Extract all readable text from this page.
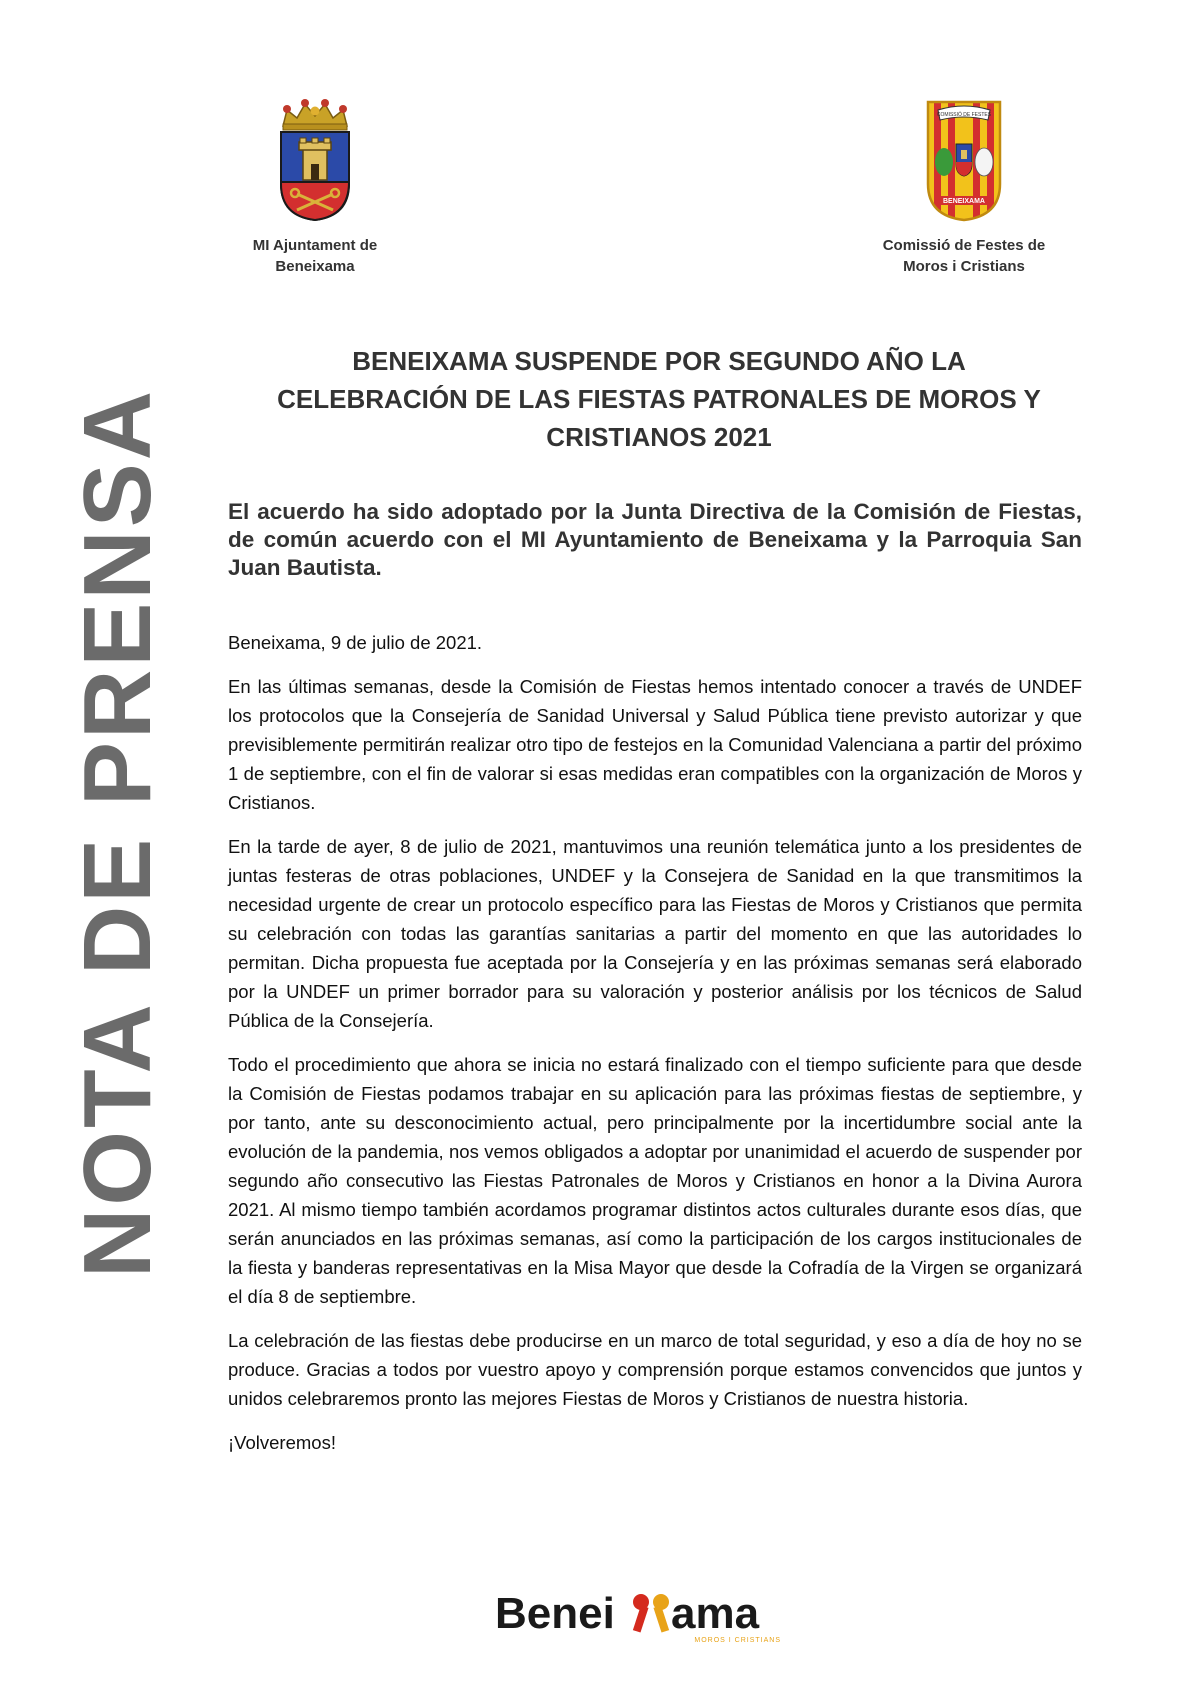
NOTA DE PRENSA
MI Ajuntament de
Beneixama
COMISSIÓ DE FESTES
BENEIXAMA
Comissió de Festes de
Moros i Cristians
BENEIXAMA SUSPENDE POR SEGUNDO AÑO LA
CELEBRACIÓN DE LAS FIESTAS PATRONALES DE MOROS Y
CRISTIANOS 2021
El acuerdo ha sido adoptado por la Junta Directiva de la Comisión de Fiestas, de común acuerdo con el MI Ayuntamiento de Beneixama y la Parroquia San Juan Bautista.

Beneixama, 9 de julio de 2021.

En las últimas semanas, desde la Comisión de Fiestas hemos intentado conocer a través de UNDEF los protocolos que la Consejería de Sanidad Universal y Salud Pública tiene previsto autorizar y que previsiblemente permitirán realizar otro tipo de festejos en la Comunidad Valenciana a partir del próximo 1 de septiembre, con el fin de valorar si esas medidas eran compatibles con la organización de Moros y Cristianos.

En la tarde de ayer, 8 de julio de 2021, mantuvimos una reunión telemática junto a los presidentes de juntas festeras de otras poblaciones, UNDEF y la Consejera de Sanidad en la que transmitimos la necesidad urgente de crear un protocolo específico para las Fiestas de Moros y Cristianos que permita su celebración con todas las garantías sanitarias a partir del momento en que las autoridades lo permitan. Dicha propuesta fue aceptada por la Consejería y en las próximas semanas será elaborado por la UNDEF un primer borrador para su valoración y posterior análisis por los técnicos de Salud Pública de la Consejería.

Todo el procedimiento que ahora se inicia no estará finalizado con el tiempo suficiente para que desde la Comisión de Fiestas podamos trabajar en su aplicación para las próximas fiestas de septiembre, y por tanto, ante su desconocimiento actual, pero principalmente por la incertidumbre social ante la evolución de la pandemia, nos vemos obligados a adoptar por unanimidad el acuerdo de suspender por segundo año consecutivo las Fiestas Patronales de Moros y Cristianos en honor a la Divina Aurora 2021. Al mismo tiempo también acordamos programar distintos actos culturales durante esos días, que serán anunciados en las próximas semanas, así como la participación de los cargos institucionales de la fiesta y banderas representativas en la Misa Mayor que desde la Cofradía de la Virgen se organizará el día 8 de septiembre.

La celebración de las fiestas debe producirse en un marco de total seguridad, y eso a día de hoy no se produce. Gracias a todos por vuestro apoyo y comprensión porque estamos convencidos que juntos y unidos celebraremos pronto las mejores Fiestas de Moros y Cristianos de nuestra historia.

¡Volveremos!

Benei ama
MOROS I CRISTIANS
